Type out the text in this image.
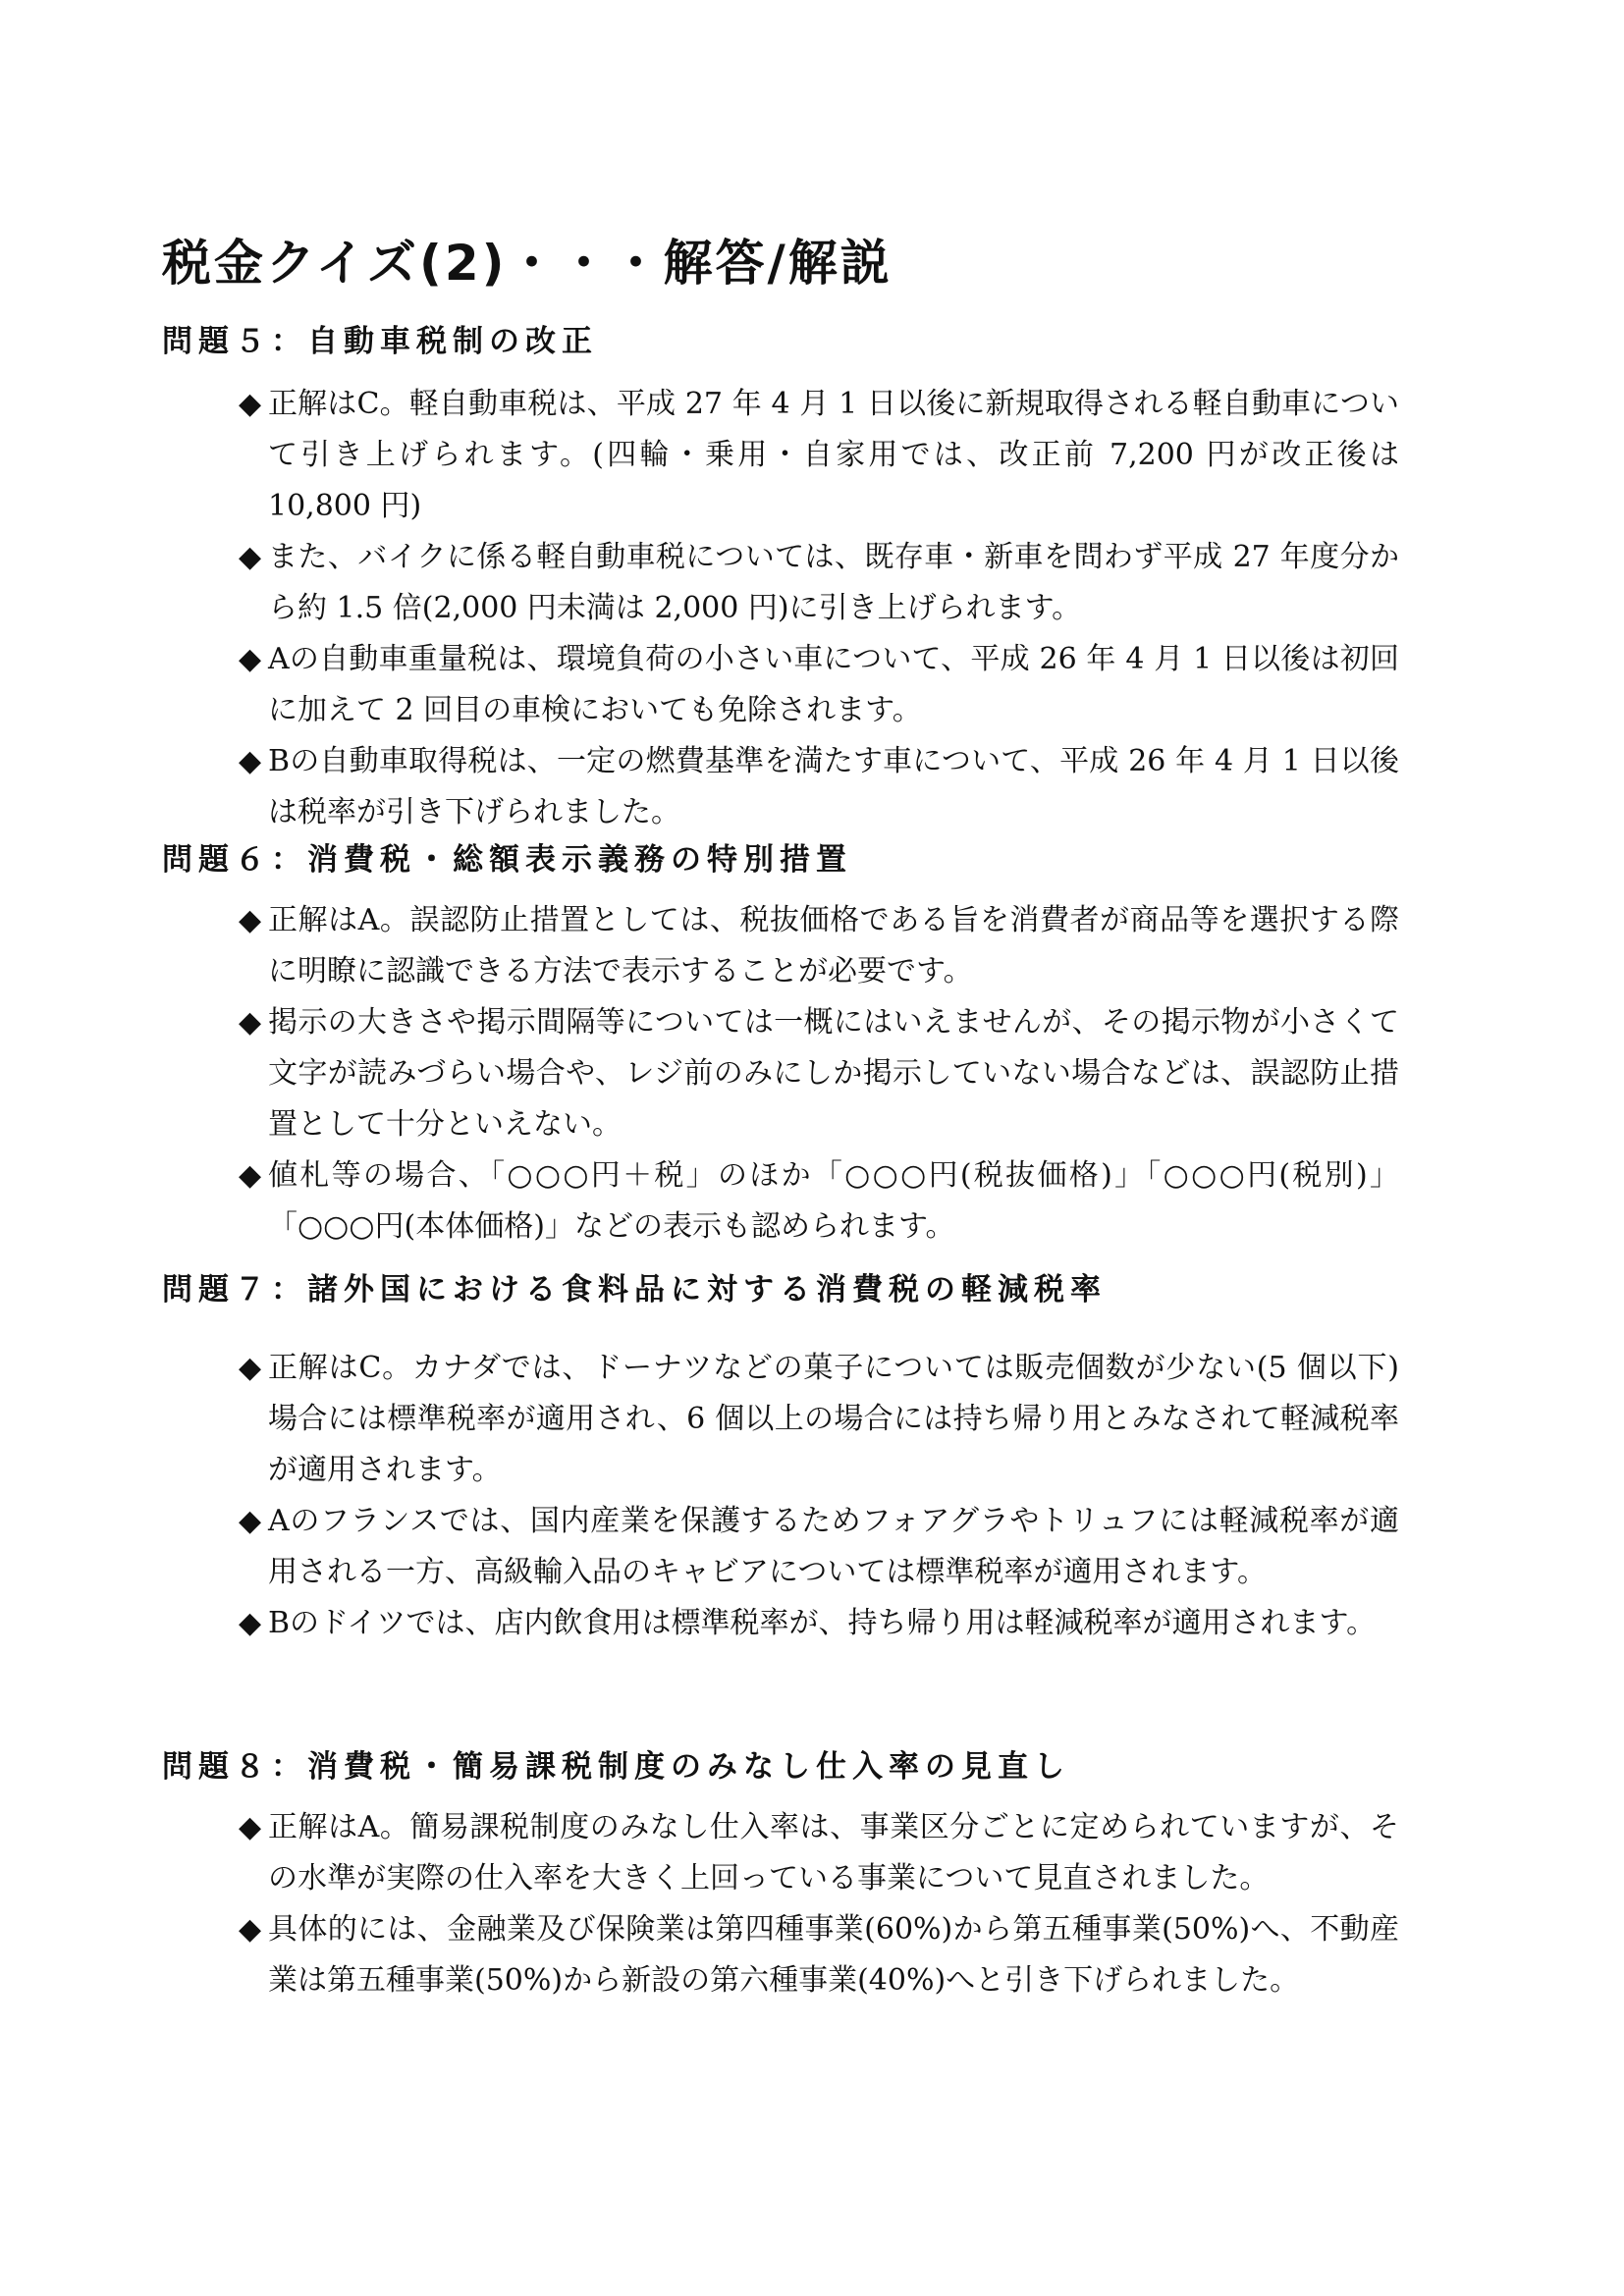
税金クイズ(2)・・・解答/解説
問題５：自動車税制の改正
◆ 正解はC。軽自動車税は、平成 27 年 4 月 1 日以後に新規取得される軽自動車について引き上げられます。(四輪・乗用・自家用では、改正前 7,200 円が改正後は 10,800 円)
◆ また、バイクに係る軽自動車税については、既存車・新車を問わず平成 27 年度分から約 1.5 倍(2,000 円未満は 2,000 円)に引き上げられます。
◆ Aの自動車重量税は、環境負荷の小さい車について、平成 26 年 4 月 1 日以後は初回に加えて 2 回目の車検においても免除されます。
◆ Bの自動車取得税は、一定の燃費基準を満たす車について、平成 26 年 4 月 1 日以後は税率が引き下げられました。
問題６：消費税・総額表示義務の特別措置
◆ 正解はA。誤認防止措置としては、税抜価格である旨を消費者が商品等を選択する際に明瞭に認識できる方法で表示することが必要です。
◆ 掲示の大きさや掲示間隔等については一概にはいえませんが、その掲示物が小さくて文字が読みづらい場合や、レジ前のみにしか掲示していない場合などは、誤認防止措置として十分といえない。
◆ 値札等の場合、「○○○円＋税」のほか「○○○円(税抜価格)」「○○○円(税別)」「○○○円(本体価格)」などの表示も認められます。
問題７：諸外国における食料品に対する消費税の軽減税率
◆ 正解はC。カナダでは、ドーナツなどの菓子については販売個数が少ない(5 個以下)場合には標準税率が適用され、6 個以上の場合には持ち帰り用とみなされて軽減税率が適用されます。
◆ Aのフランスでは、国内産業を保護するためフォアグラやトリュフには軽減税率が適用される一方、高級輸入品のキャビアについては標準税率が適用されます。
◆ Bのドイツでは、店内飲食用は標準税率が、持ち帰り用は軽減税率が適用されます。
問題８：消費税・簡易課税制度のみなし仕入率の見直し
◆ 正解はA。簡易課税制度のみなし仕入率は、事業区分ごとに定められていますが、その水準が実際の仕入率を大きく上回っている事業について見直されました。
◆ 具体的には、金融業及び保険業は第四種事業(60%)から第五種事業(50%)へ、不動産業は第五種事業(50%)から新設の第六種事業(40%)へと引き下げられました。
